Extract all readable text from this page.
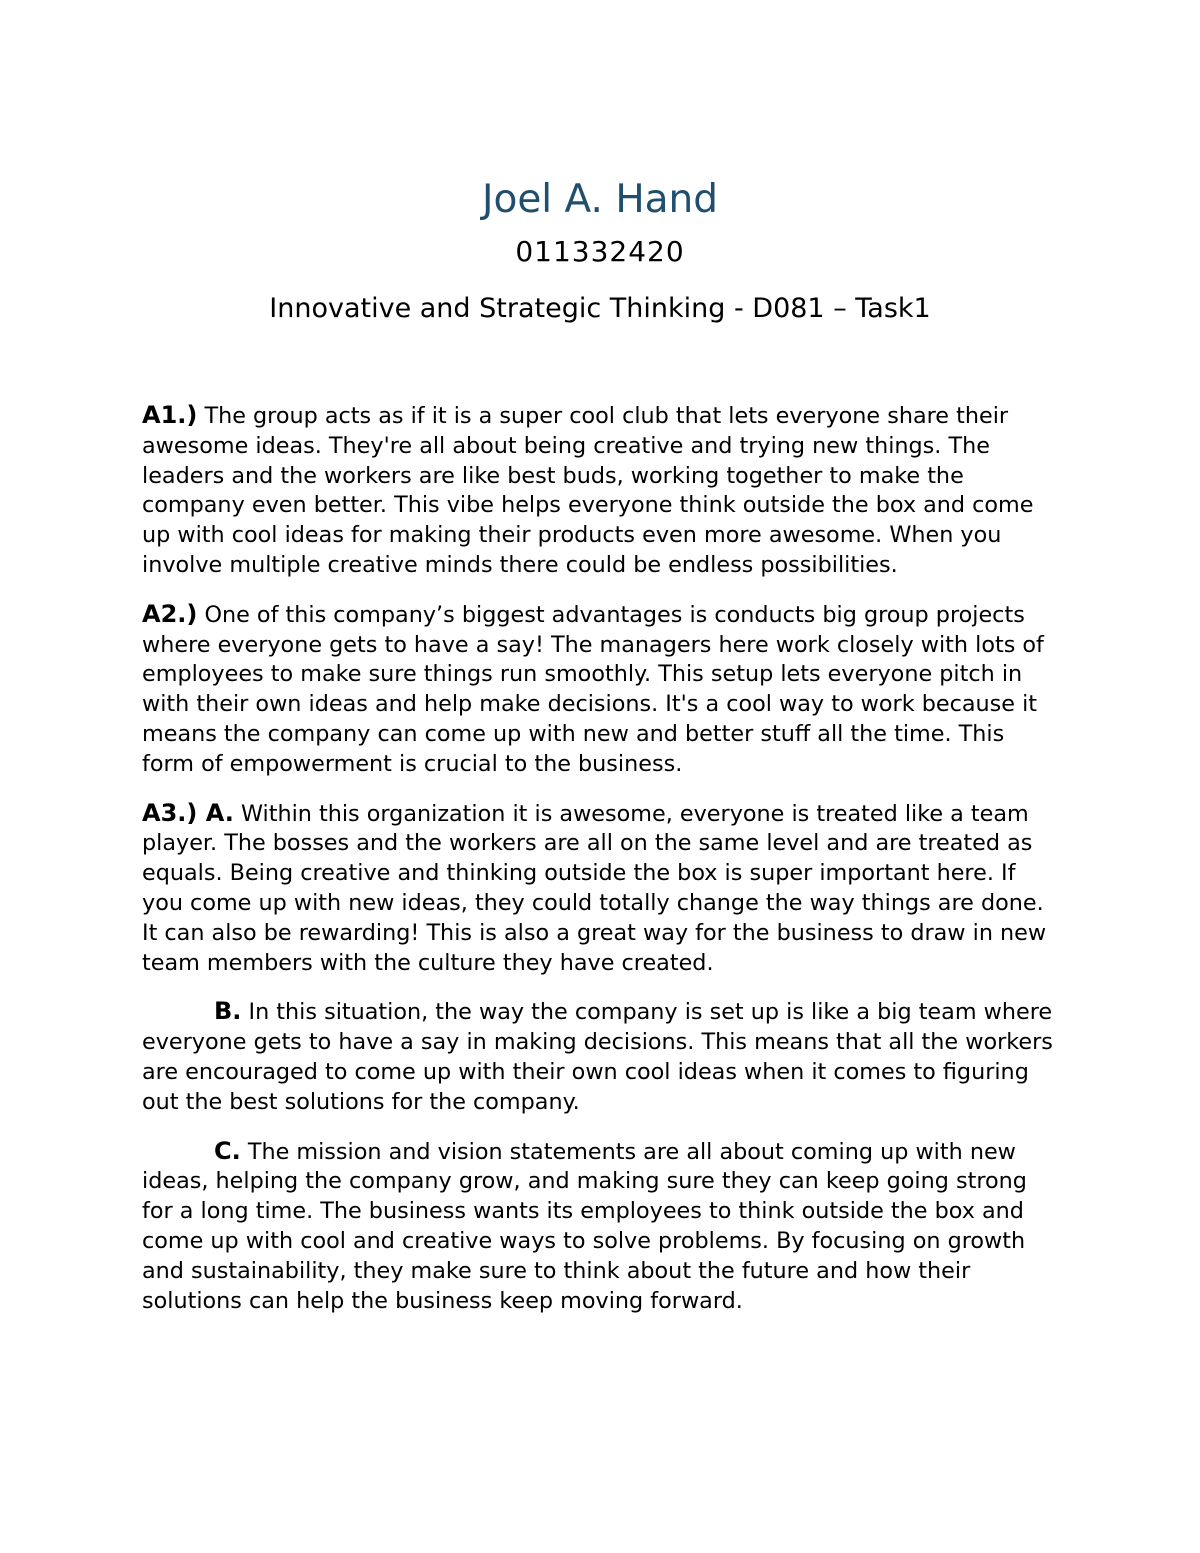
Joel A. Hand
011332420
Innovative and Strategic Thinking - D081 – Task1

A1.) The group acts as if it is a super cool club that lets everyone share their awesome ideas. They're all about being creative and trying new things. The leaders and the workers are like best buds, working together to make the company even better. This vibe helps everyone think outside the box and come up with cool ideas for making their products even more awesome. When you involve multiple creative minds there could be endless possibilities.

A2.) One of this company’s biggest advantages is conducts big group projects where everyone gets to have a say! The managers here work closely with lots of employees to make sure things run smoothly. This setup lets everyone pitch in with their own ideas and help make decisions. It's a cool way to work because it means the company can come up with new and better stuff all the time. This form of empowerment is crucial to the business.

A3.) A. Within this organization it is awesome, everyone is treated like a team player. The bosses and the workers are all on the same level and are treated as equals. Being creative and thinking outside the box is super important here. If you come up with new ideas, they could totally change the way things are done. It can also be rewarding! This is also a great way for the business to draw in new team members with the culture they have created.

B. In this situation, the way the company is set up is like a big team where everyone gets to have a say in making decisions. This means that all the workers are encouraged to come up with their own cool ideas when it comes to figuring out the best solutions for the company.

C. The mission and vision statements are all about coming up with new ideas, helping the company grow, and making sure they can keep going strong for a long time. The business wants its employees to think outside the box and come up with cool and creative ways to solve problems. By focusing on growth and sustainability, they make sure to think about the future and how their solutions can help the business keep moving forward.
